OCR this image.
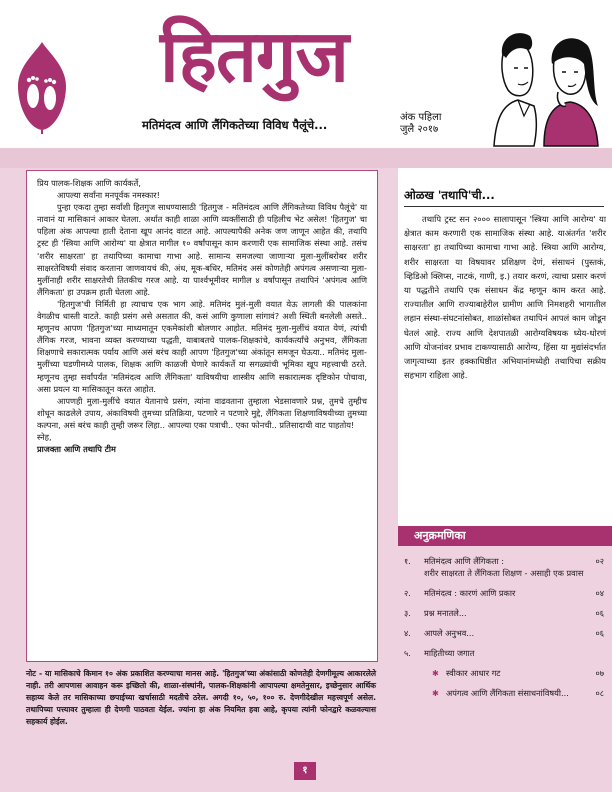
हितगुज
मतिमंदत्व आणि लैंगिकतेच्या विविध पैलूंचे...
अंक पहिला
जुलै २०१७

प्रिय पालक-शिक्षक आणि कार्यकर्ते,

आपल्या सर्वांना मनपूर्वक नमस्कार!

पुन्हा एकदा तुम्हा सर्वांशी हितगुज साधण्यासाठी 'हितगुज - मतिमंदत्व आणि लैंगिकतेच्या विविध पैलूंचे' या नावानं या मासिकानं आकार घेतला. अर्थात काही शाळा आणि व्यक्तींसाठी ही पहिलीच भेट असेल! 'हितगुज' चा पहिला अंक आपल्या हाती देताना खूप आनंद वाटत आहे. आपल्यापैकी अनेक जण जाणून आहेत की, तथापि ट्रस्ट ही 'स्त्रिया आणि आरोग्य' या क्षेत्रात मागील १० वर्षांपासून काम करणारी एक सामाजिक संस्था आहे. तसंच 'शरीर साक्षरता' हा तथापिच्या कामाचा गाभा आहे. सामान्य समजल्या जाणाऱ्या मुला-मुलींबरोबर शरीर साक्षरतेविषयी संवाद करताना जाणवायचं की, अंध, मूक-बधिर, मतिमंद असं कोणतेही अपंगत्व असणाऱ्या मुला-मुलींनाही शरीर साक्षरतेची तितकीच गरज आहे. या पार्श्वभूमीवर मागील ४ वर्षांपासून तथापिनं 'अपंगत्व आणि लैंगिकता' हा उपक्रम हाती घेतला आहे.

'हितगुज'ची निर्मिती हा त्याचाच एक भाग आहे. मतिमंद मुलं-मुली वयात येऊ लागली की पालकांना वेगळीच धास्ती वाटते. काही प्रसंग असे असतात की, कसं आणि कुणाला सांगावं? अशी स्थिती बनलेली असते.. म्हणूनच आपण 'हितगुज'च्या माध्यमातून एकमेकांशी बोलणार आहोत. मतिमंद मुला-मुलींचं वयात येणं, त्यांची लैंगिक गरज, भावना व्यक्त करण्याच्या पद्धती, याबाबतचे पालक-शिक्षकांचे, कार्यकर्त्यांचे अनुभव, लैंगिकता शिक्षणाचे सकारात्मक पर्याय आणि असं बरंच काही आपण 'हितगुज'च्या अंकांतून समजून घेऊया.. मतिमंद मुला-मुलींच्या घडणीमध्ये पालक, शिक्षक आणि काळजी घेणारे कार्यकर्ते या सगळ्यांची भूमिका खूप महत्त्वाची ठरते. म्हणूनच तुम्हा सर्वांपर्यंत 'मतिमंदत्व आणि लैंगिकता' याविषयीचा शास्त्रीय आणि सकारात्मक दृष्टिकोन पोचावा, असा प्रयत्न या मासिकातून करत आहोत.

आपणही मुला-मुलींचे वयात येतानाचे प्रसंग, त्यांना वाढवताना तुम्हाला भेडसावणारे प्रश्न, तुमचे तुम्हीच शोधून काढलेले उपाय, अंकाविषयी तुमच्या प्रतिक्रिया, पटणारे न पटणारे मुद्दे, लैंगिकता शिक्षणाविषयीच्या तुमच्या कल्पना, असं बरंच काही तुम्ही जरूर लिहा.. आपल्या एका पत्राची.. एका फोनची.. प्रतिसादाची वाट पाहतोय!

स्नेह,

प्राजक्ता आणि तथापि टीम

नोट - या मासिकाचे किमान १० अंक प्रकाशित करण्याचा मानस आहे. 'हितगुज'च्या अंकांसाठी कोणतेही देणगीमूल्य आकारलेले नाही. तरी आपणास आवाहन करू इच्छितो की, शाळा-संस्थांनी, पालक-शिक्षकांनी आपापल्या क्षमतेनुसार, इच्छेनुसार आर्थिक सहाय्य केले तर मासिकाच्या छपाईच्या खर्चासाठी मदतीचे ठरेल. अगदी १०, ५०, १०० रु. देणगीदेखील महत्त्वपूर्ण असेल. तथापिच्या पत्त्यावर तुम्हाला ही देणगी पाठवता येईल. ज्यांना हा अंक नियमित हवा आहे, कृपया त्यांनी फोनद्वारे कळवल्यास सहकार्य होईल.
१
ओळख 'तथापि'ची...

तथापि ट्रस्ट सन २००० सालापासून 'स्त्रिया आणि आरोग्य' या क्षेत्रात काम करणारी एक सामाजिक संस्था आहे. याअंतर्गत 'शरीर साक्षरता' हा तथापिच्या कामाचा गाभा आहे. स्त्रिया आणि आरोग्य, शरीर साक्षरता या विषयावर प्रशिक्षण देणं, संसाधनं (पुस्तकं, व्हिडिओ क्लिप्स, नाटकं, गाणी, इ.) तयार करणं, त्याचा प्रसार करणं या पद्धतीने तथापि एक संसाधन केंद्र म्हणून काम करत आहे. राज्यातील आणि राज्याबाहेरील ग्रामीण आणि निमशहरी भागातील लहान संस्था-संघटनांसोबत, शाळांसोबत तथापिनं आपलं काम जोडून घेतलं आहे. राज्य आणि देशपातळी आरोग्यविषयक ध्येय-धोरणं आणि योजनांवर प्रभाव टाकण्यासाठी आरोग्य, हिंसा या मुद्यांसंदर्भात जागृत्याच्या इतर हक्काधिष्ठीत अभियानांमध्येही तथापिचा सक्रीय सहभाग राहिला आहे.

अनुक्रमणिका
१.	मतिमंदत्व आणि लैंगिकता :	०२
शरीर साक्षरता ते लैंगिकता शिक्षण - असाही एक प्रवास
२.	मतिमंदत्व : कारणं आणि प्रकार	०४
३.	प्रश्न मनातले...	०६
४.	आपले अनुभव...	०६
५.	माहितीच्या जगात
✱ स्वीकार आधार गट	०७
✱ अपंगत्व आणि लैंगिकता संसाधनांविषयी...	०८
